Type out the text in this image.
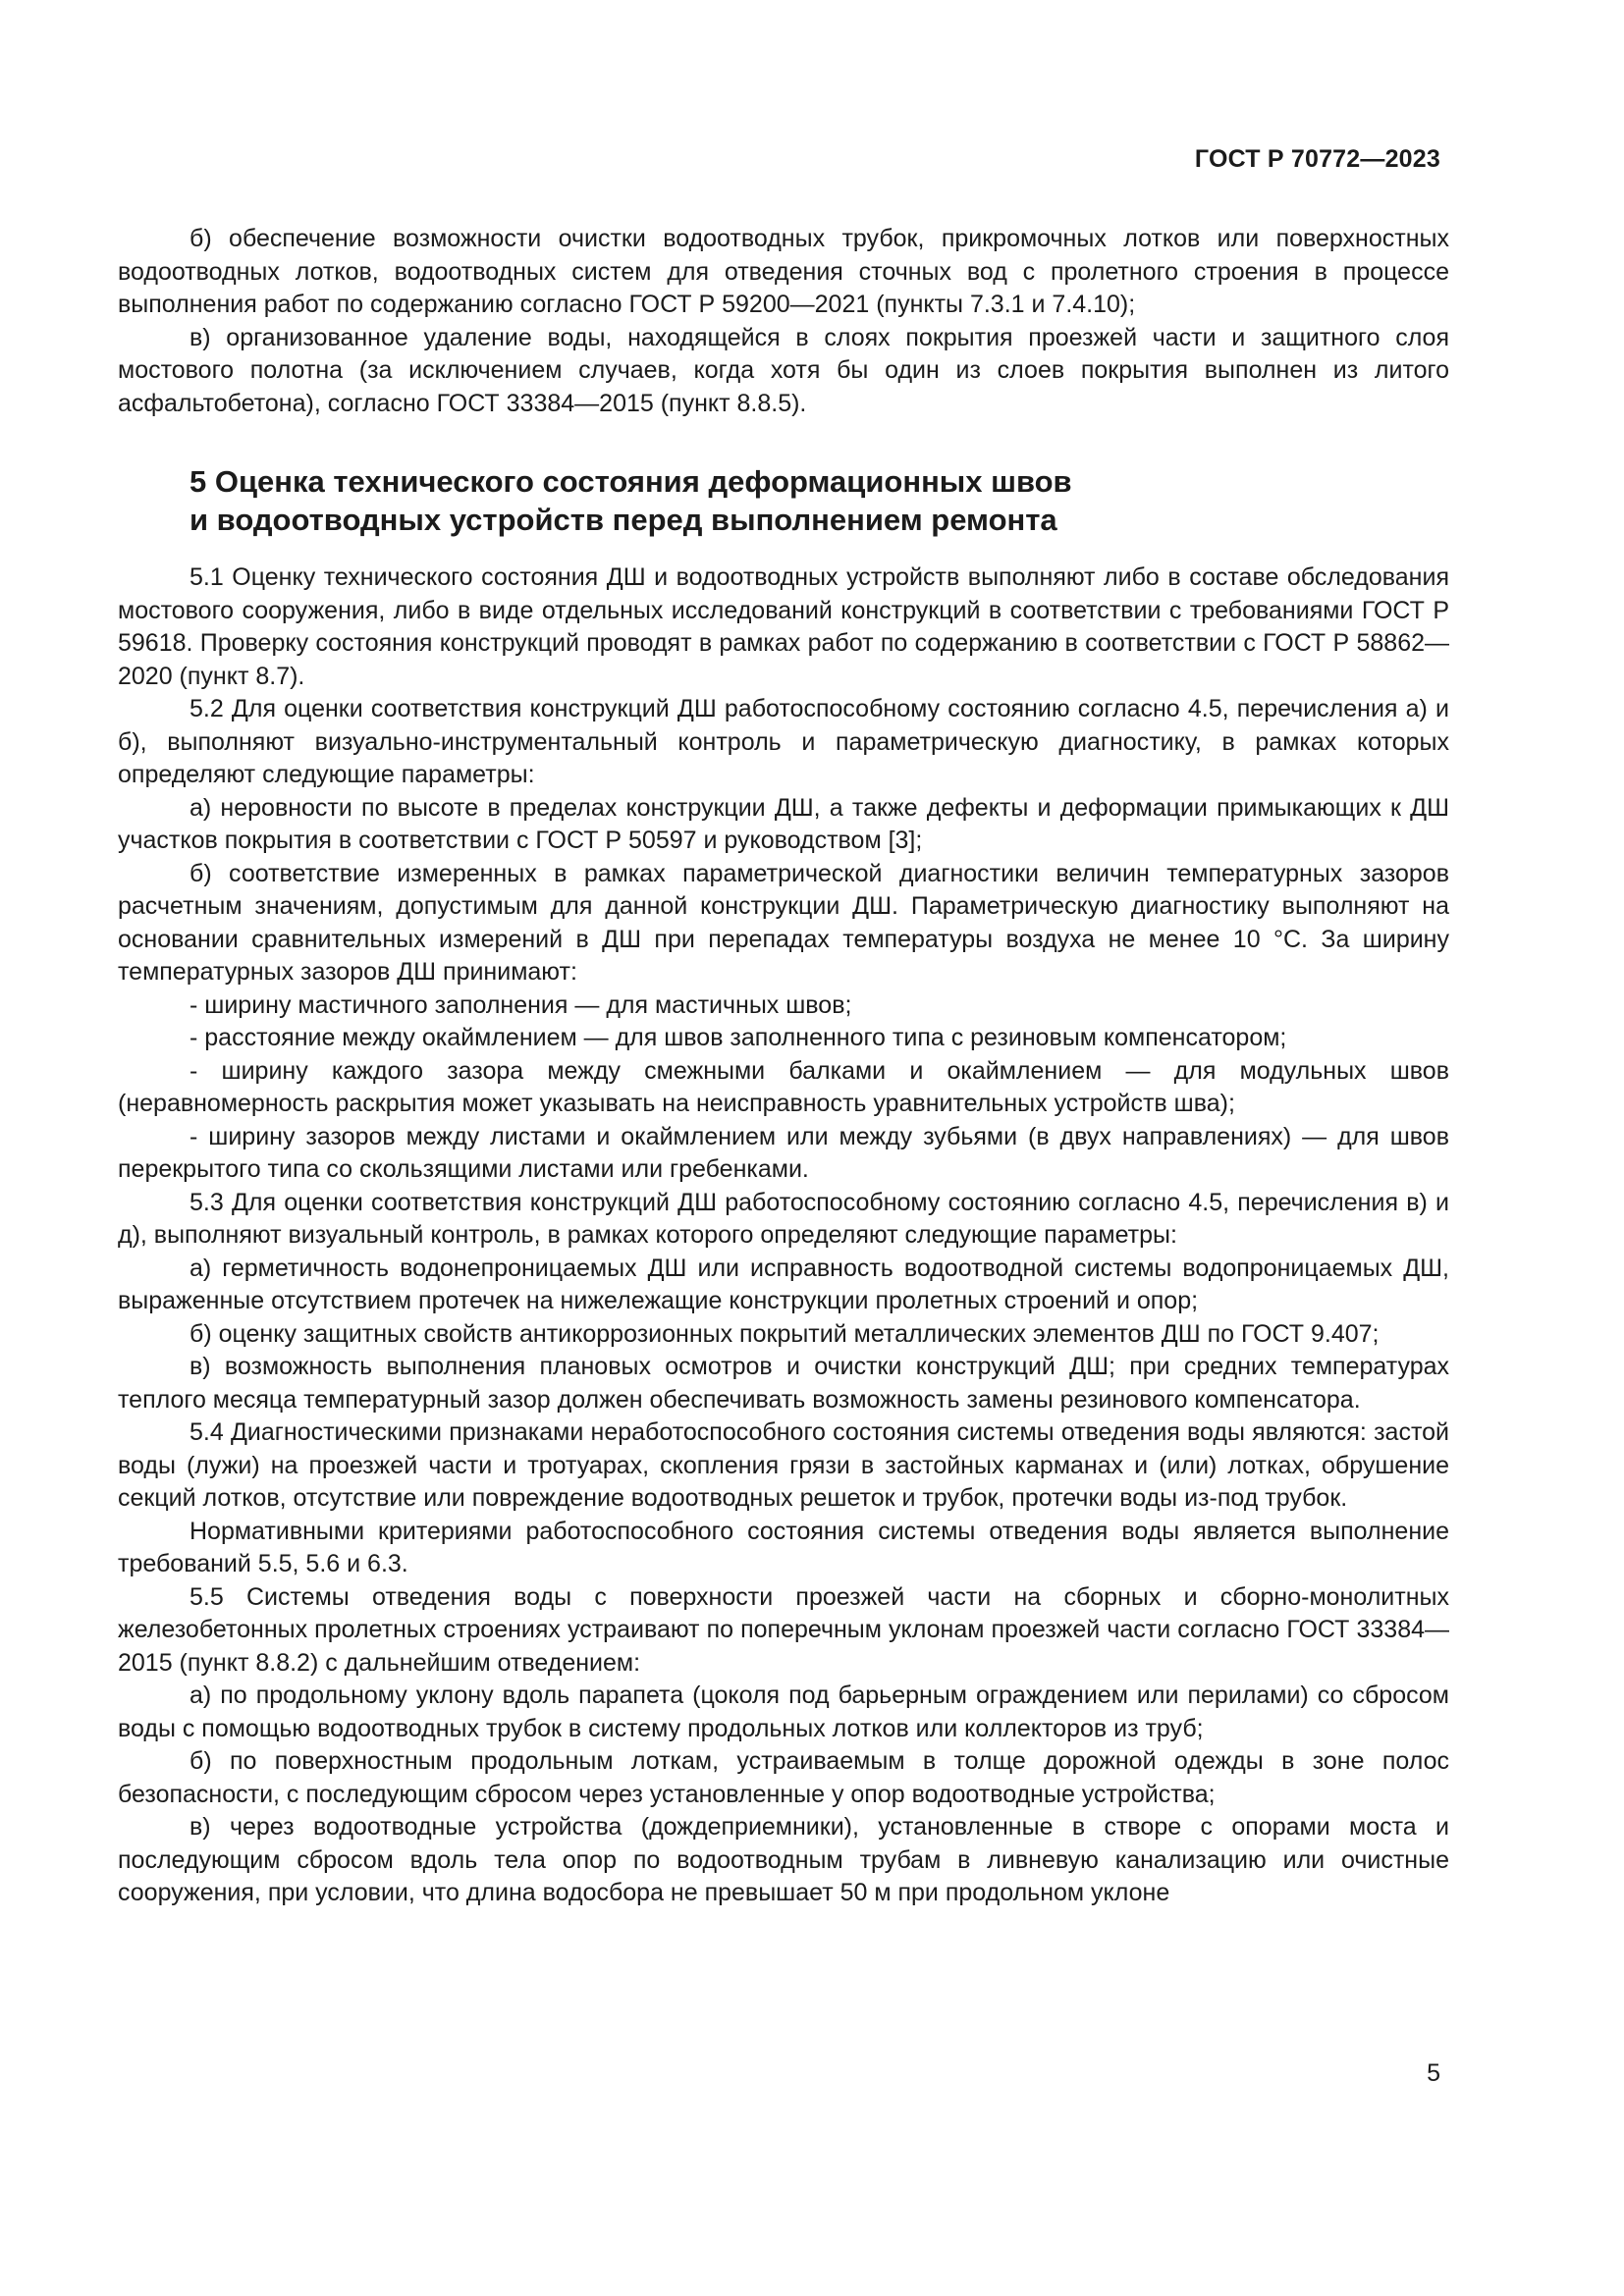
ГОСТ Р 70772—2023

б) обеспечение возможности очистки водоотводных трубок, прикромочных лотков или поверхностных водоотводных лотков, водоотводных систем для отведения сточных вод с пролетного строения в процессе выполнения работ по содержанию согласно ГОСТ Р 59200—2021 (пункты 7.3.1 и 7.4.10);

в) организованное удаление воды, находящейся в слоях покрытия проезжей части и защитного слоя мостового полотна (за исключением случаев, когда хотя бы один из слоев покрытия выполнен из литого асфальтобетона), согласно ГОСТ 33384—2015 (пункт 8.8.5).

5 Оценка технического состояния деформационных швов
и водоотводных устройств перед выполнением ремонта

5.1 Оценку технического состояния ДШ и водоотводных устройств выполняют либо в составе обследования мостового сооружения, либо в виде отдельных исследований конструкций в соответствии с требованиями ГОСТ Р 59618. Проверку состояния конструкций проводят в рамках работ по содержанию в соответствии с ГОСТ Р 58862—2020 (пункт 8.7).

5.2 Для оценки соответствия конструкций ДШ работоспособному состоянию согласно 4.5, перечисления а) и б), выполняют визуально-инструментальный контроль и параметрическую диагностику, в рамках которых определяют следующие параметры:

а) неровности по высоте в пределах конструкции ДШ, а также дефекты и деформации примыкающих к ДШ участков покрытия в соответствии с ГОСТ Р 50597 и руководством [3];

б) соответствие измеренных в рамках параметрической диагностики величин температурных зазоров расчетным значениям, допустимым для данной конструкции ДШ. Параметрическую диагностику выполняют на основании сравнительных измерений в ДШ при перепадах температуры воздуха не менее 10 °С. За ширину температурных зазоров ДШ принимают:

- ширину мастичного заполнения — для мастичных швов;

- расстояние между окаймлением — для швов заполненного типа с резиновым компенсатором;

- ширину каждого зазора между смежными балками и окаймлением — для модульных швов (неравномерность раскрытия может указывать на неисправность уравнительных устройств шва);

- ширину зазоров между листами и окаймлением или между зубьями (в двух направлениях) — для швов перекрытого типа со скользящими листами или гребенками.

5.3 Для оценки соответствия конструкций ДШ работоспособному состоянию согласно 4.5, перечисления в) и д), выполняют визуальный контроль, в рамках которого определяют следующие параметры:

а) герметичность водонепроницаемых ДШ или исправность водоотводной системы водопроницаемых ДШ, выраженные отсутствием протечек на нижележащие конструкции пролетных строений и опор;

б) оценку защитных свойств антикоррозионных покрытий металлических элементов ДШ по ГОСТ 9.407;

в) возможность выполнения плановых осмотров и очистки конструкций ДШ; при средних температурах теплого месяца температурный зазор должен обеспечивать возможность замены резинового компенсатора.

5.4 Диагностическими признаками неработоспособного состояния системы отведения воды являются: застой воды (лужи) на проезжей части и тротуарах, скопления грязи в застойных карманах и (или) лотках, обрушение секций лотков, отсутствие или повреждение водоотводных решеток и трубок, протечки воды из-под трубок.

Нормативными критериями работоспособного состояния системы отведения воды является выполнение требований 5.5, 5.6 и 6.3.

5.5 Системы отведения воды с поверхности проезжей части на сборных и сборно-монолитных железобетонных пролетных строениях устраивают по поперечным уклонам проезжей части согласно ГОСТ 33384—2015 (пункт 8.8.2) с дальнейшим отведением:

а) по продольному уклону вдоль парапета (цоколя под барьерным ограждением или перилами) со сбросом воды с помощью водоотводных трубок в систему продольных лотков или коллекторов из труб;

б) по поверхностным продольным лоткам, устраиваемым в толще дорожной одежды в зоне полос безопасности, с последующим сбросом через установленные у опор водоотводные устройства;

в) через водоотводные устройства (дождеприемники), установленные в створе с опорами моста и последующим сбросом вдоль тела опор по водоотводным трубам в ливневую канализацию или очистные сооружения, при условии, что длина водосбора не превышает 50 м при продольном уклоне

5
